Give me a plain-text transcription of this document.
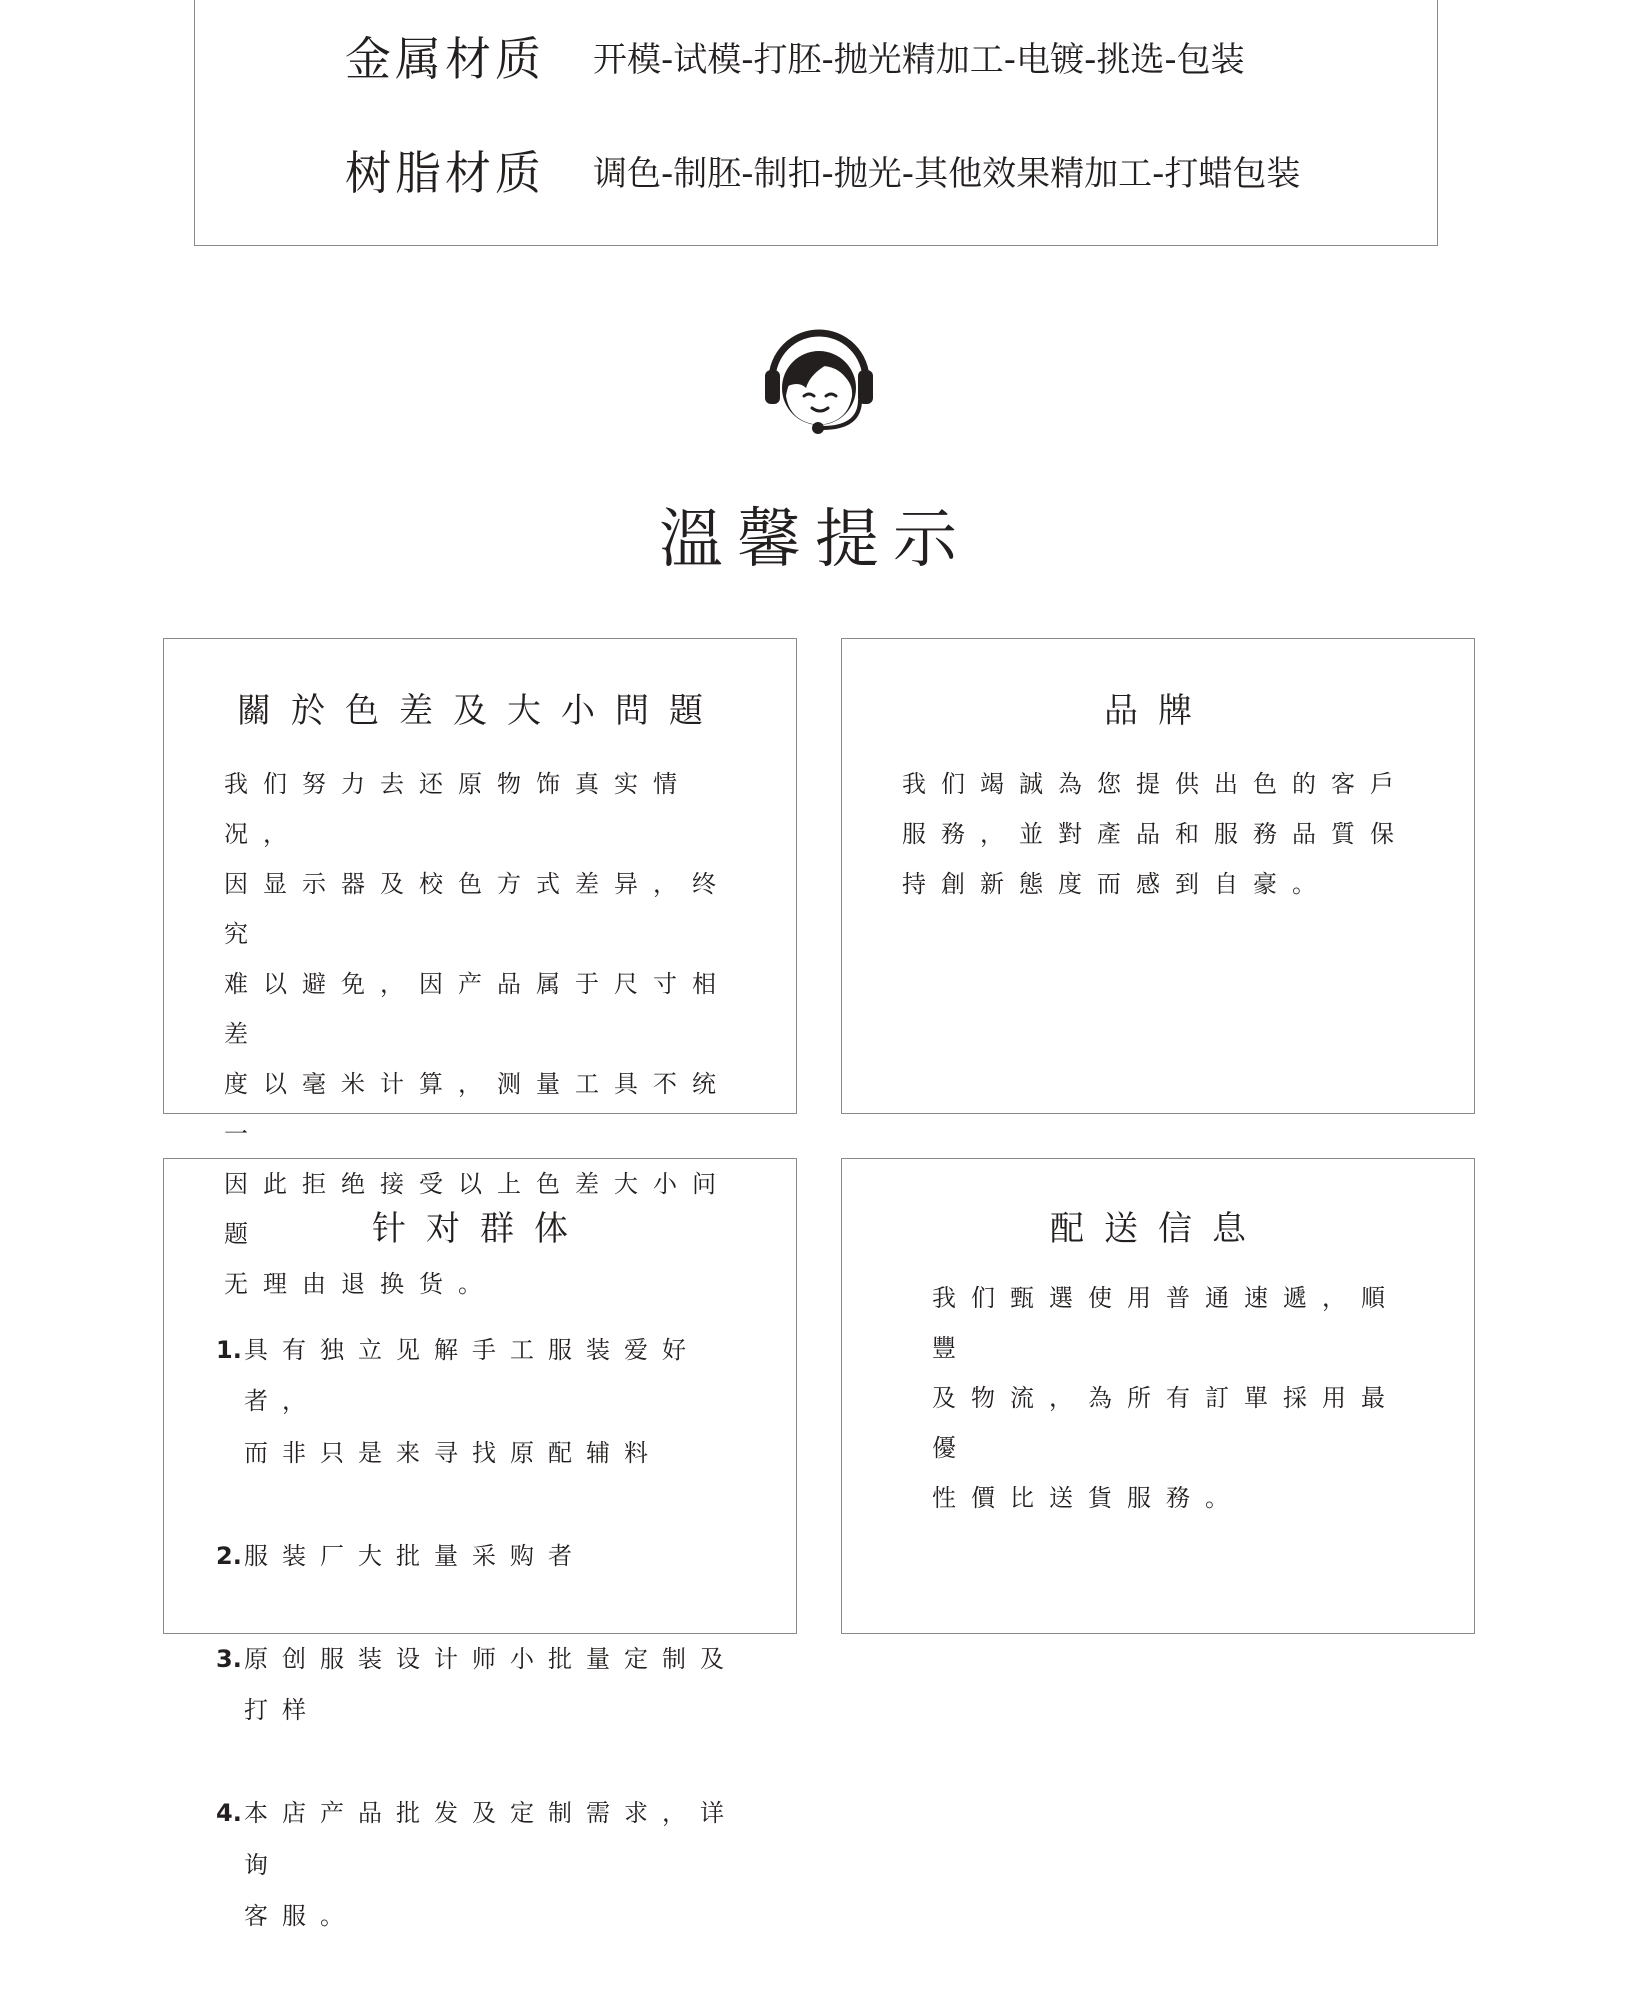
金属材质	开模-试模-打胚-抛光精加工-电镀-挑选-包装
树脂材质	调色-制胚-制扣-抛光-其他效果精加工-打蜡包装
溫馨提示
關於色差及大小問題
我们努力去还原物饰真实情况，
因显示器及校色方式差异，终究
难以避免，因产品属于尺寸相差
度以毫米计算，测量工具不统一
因此拒绝接受以上色差大小问题
无理由退换货。
品牌
我们竭誠為您提供出色的客戶
服務，並對產品和服務品質保
持創新態度而感到自豪。
针对群体

1. 具有独立见解手工服装爱好者，
而非只是来寻找原配辅料

2. 服装厂大批量采购者

3. 原创服装设计师小批量定制及
打样

4. 本店产品批发及定制需求，详询
客服。

配送信息
我们甄選使用普通速遞，順豐
及物流，為所有訂單採用最優
性價比送貨服務。
